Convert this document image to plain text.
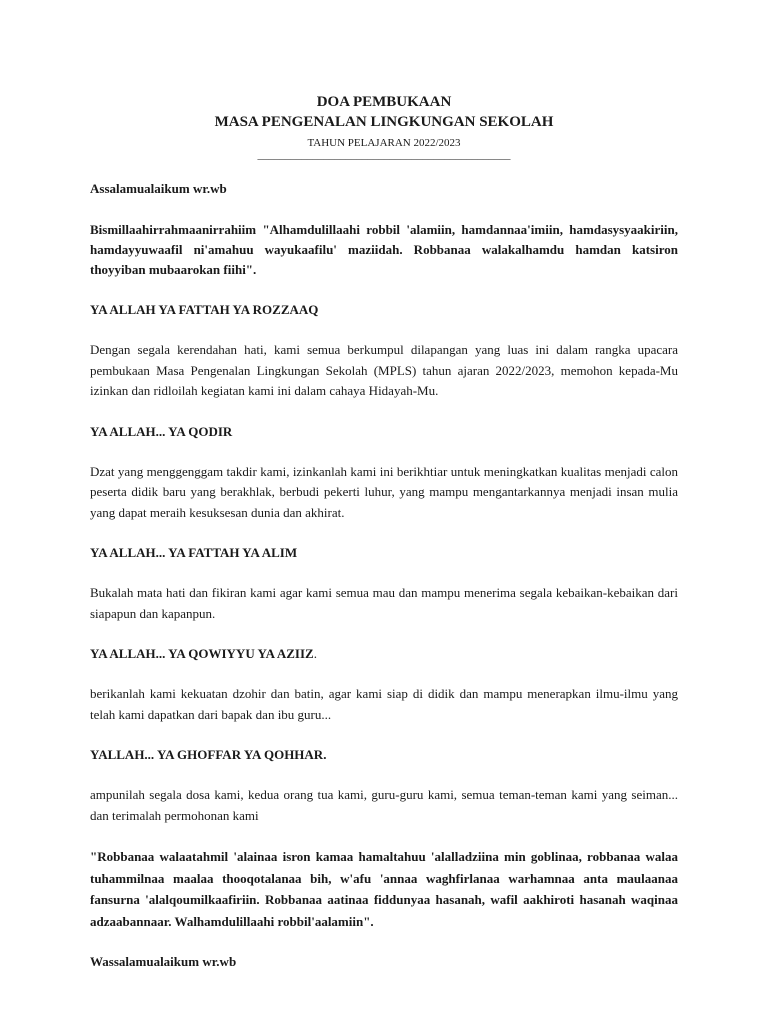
DOA PEMBUKAAN

MASA PENGENALAN LINGKUNGAN SEKOLAH

TAHUN PELAJARAN 2022/2023

______________________________________________

Assalamualaikum wr.wb

Bismillaahirrahmaanirrahiim "Alhamdulillaahi robbil 'alamiin, hamdannaa'imiin, hamdasysyaakiriin, hamdayyuwaafil ni'amahuu wayukaafilu' maziidah. Robbanaa walakalhamdu hamdan katsiron thoyyiban mubaarokan fiihi".

YA ALLAH YA FATTAH YA ROZZAAQ

Dengan segala kerendahan hati, kami semua berkumpul dilapangan yang luas ini dalam rangka upacara pembukaan Masa Pengenalan Lingkungan Sekolah (MPLS) tahun ajaran 2022/2023, memohon kepada-Mu izinkan dan ridloilah kegiatan kami ini dalam cahaya Hidayah-Mu.

YA ALLAH... YA QODIR

Dzat yang menggenggam takdir kami, izinkanlah kami ini berikhtiar untuk meningkatkan kualitas menjadi calon peserta didik baru yang berakhlak, berbudi pekerti luhur, yang mampu mengantarkannya menjadi insan mulia yang dapat meraih kesuksesan dunia dan akhirat.

YA ALLAH... YA FATTAH YA ALIM

Bukalah mata hati dan fikiran kami agar kami semua mau dan mampu menerima segala kebaikan-kebaikan dari siapapun dan kapanpun.

YA ALLAH... YA QOWIYYU YA AZIIZ.

berikanlah kami kekuatan dzohir dan batin, agar kami siap di didik dan mampu menerapkan ilmu-ilmu yang telah kami dapatkan dari bapak dan ibu guru...

YALLAH... YA GHOFFAR YA QOHHAR.

ampunilah segala dosa kami, kedua orang tua kami, guru-guru kami, semua teman-teman kami yang seiman... dan terimalah permohonan kami

"Robbanaa walaatahmil 'alainaa isron kamaa hamaltahuu 'alalladziina min goblinaa, robbanaa walaa tuhammilnaa maalaa thooqotalanaa bih, w'afu 'annaa waghfirlanaa warhamnaa anta maulaanaa fansurna 'alalqoumilkaafiriin. Robbanaa aatinaa fiddunyaa hasanah, wafil aakhiroti hasanah waqinaa adzaabannaar. Walhamdulillaahi robbil'aalamiin".

Wassalamualaikum wr.wb
